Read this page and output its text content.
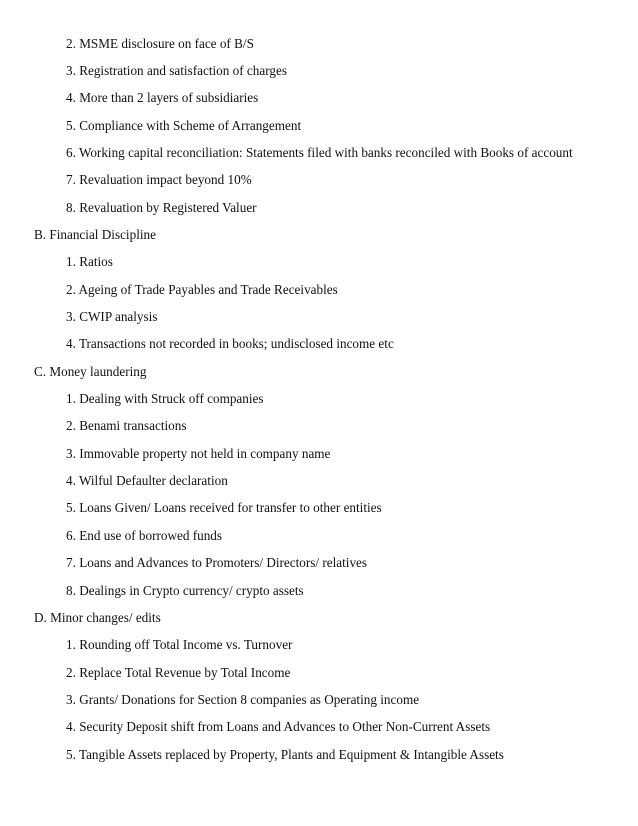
2. MSME disclosure on face of B/S
3. Registration and satisfaction of charges
4. More than 2 layers of subsidiaries
5. Compliance with Scheme of Arrangement
6. Working capital reconciliation: Statements filed with banks reconciled with Books of account
7. Revaluation impact beyond 10%
8. Revaluation by Registered Valuer
B. Financial Discipline
1. Ratios
2. Ageing of Trade Payables and Trade Receivables
3. CWIP analysis
4. Transactions not recorded in books; undisclosed income etc
C. Money laundering
1. Dealing with Struck off companies
2. Benami transactions
3. Immovable property not held in company name
4. Wilful Defaulter declaration
5. Loans Given/ Loans received for transfer to other entities
6. End use of borrowed funds
7. Loans and Advances to Promoters/ Directors/ relatives
8. Dealings in Crypto currency/ crypto assets
D. Minor changes/ edits
1. Rounding off Total Income vs. Turnover
2. Replace Total Revenue by Total Income
3. Grants/ Donations for Section 8 companies as Operating income
4. Security Deposit shift from Loans and Advances to Other Non-Current Assets
5. Tangible Assets replaced by Property, Plants and Equipment & Intangible Assets
